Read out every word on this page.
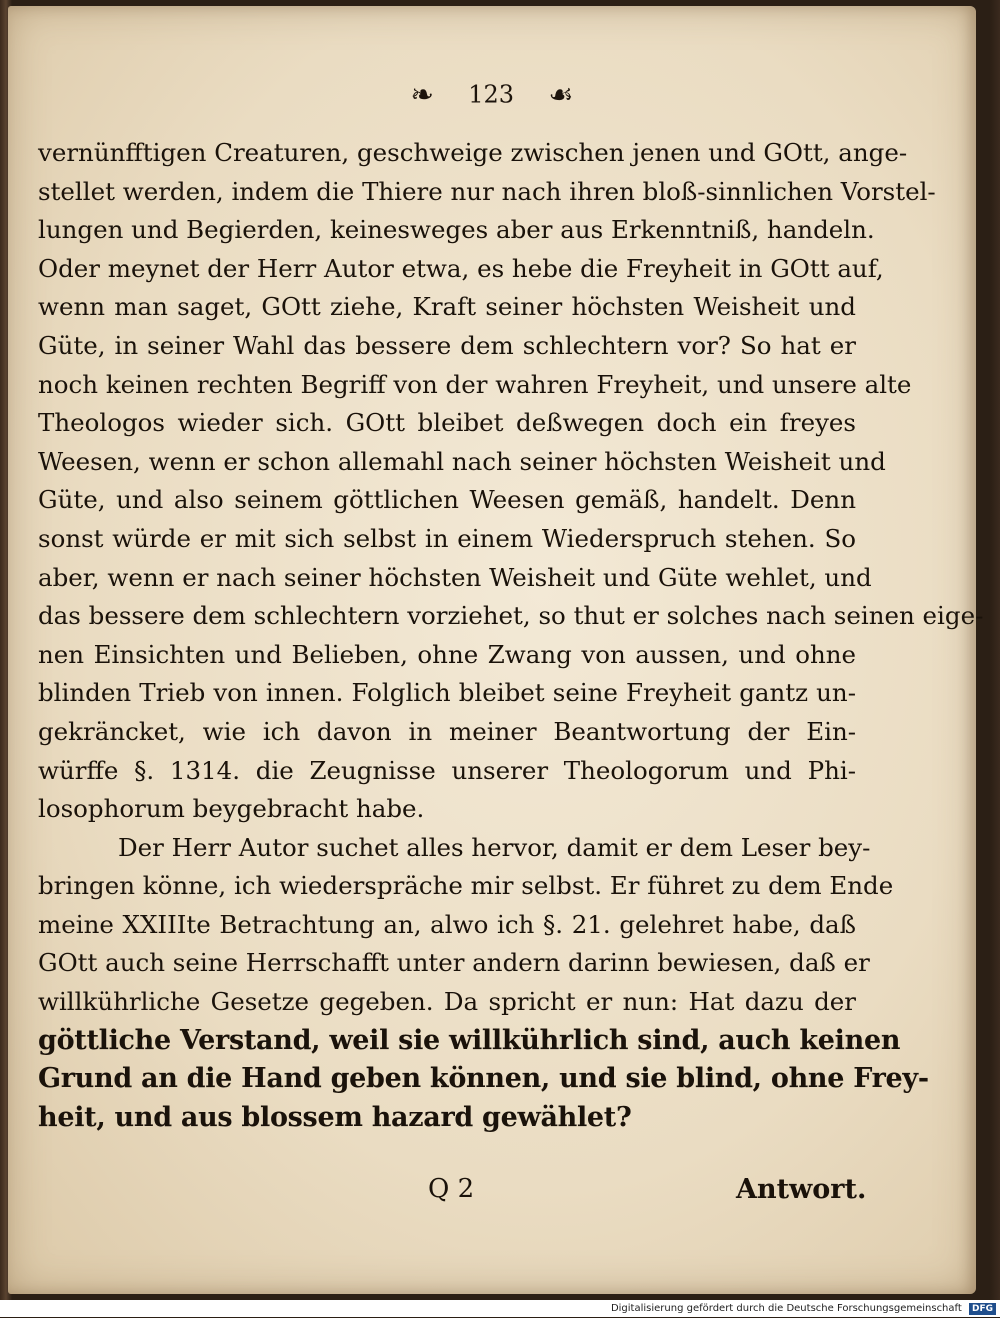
❧ 123 ☙
vernünfftigen Creaturen, geschweige zwischen jenen und GOtt, ange-
stellet werden, indem die Thiere nur nach ihren bloß-sinnlichen Vorstel-
lungen und Begierden, keinesweges aber aus Erkenntniß, handeln.
Oder meynet der Herr Autor etwa, es hebe die Freyheit in GOtt auf,
wenn man saget, GOtt ziehe, Kraft seiner höchsten Weisheit und
Güte, in seiner Wahl das bessere dem schlechtern vor? So hat er
noch keinen rechten Begriff von der wahren Freyheit, und unsere alte
Theologos wieder sich. GOtt bleibet deßwegen doch ein freyes
Weesen, wenn er schon allemahl nach seiner höchsten Weisheit und
Güte, und also seinem göttlichen Weesen gemäß, handelt. Denn
sonst würde er mit sich selbst in einem Wiederspruch stehen. So
aber, wenn er nach seiner höchsten Weisheit und Güte wehlet, und
das bessere dem schlechtern vorziehet, so thut er solches nach seinen eige-
nen Einsichten und Belieben, ohne Zwang von aussen, und ohne
blinden Trieb von innen. Folglich bleibet seine Freyheit gantz un-
gekräncket, wie ich davon in meiner Beantwortung der Ein-
würffe §. 1314. die Zeugnisse unserer Theologorum und Phi-
losophorum beygebracht habe.
Der Herr Autor suchet alles hervor, damit er dem Leser bey-
bringen könne, ich wiederspräche mir selbst. Er führet zu dem Ende
meine XXIIIte Betrachtung an, alwo ich §. 21. gelehret habe, daß
GOtt auch seine Herrschafft unter andern darinn bewiesen, daß er
willkührliche Gesetze gegeben. Da spricht er nun: Hat dazu der
göttliche Verstand, weil sie willkührlich sind, auch keinen
Grund an die Hand geben können, und sie blind, ohne Frey-
heit, und aus blossem hazard gewählet?
Q 2	Antwort.
Digitalisierung gefördert durch die Deutsche Forschungsgemeinschaft DFG
